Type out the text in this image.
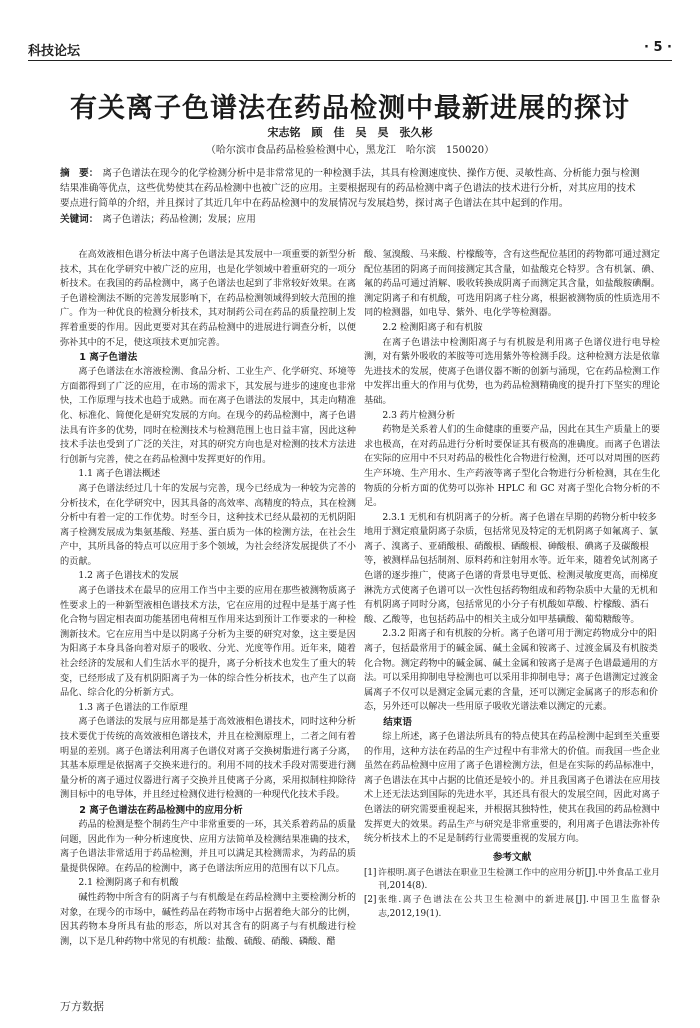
科技论坛	· 5 ·
有关离子色谱法在药品检测中最新进展的探讨
宋志铭　顾　佳　吴　昊　张久彬
（哈尔滨市食品药品检验检测中心，黑龙江　哈尔滨　150020）
摘　要： 离子色谱法在现今的化学检测分析中是非常常见的一种检测手法，其具有检测速度快、操作方便、灵敏性高、分析能力强与检测结果准确等优点，这些优势使其在药品检测中也被广泛的应用。主要根据现有的药品检测中离子色谱法的技术进行分析，对其应用的技术要点进行简单的介绍，并且探讨了其近几年中在药品检测中的发展情况与发展趋势，探讨离子色谱法在其中起到的作用。
关键词： 离子色谱法；药品检测；发展；应用

在高效液相色谱分析法中离子色谱法是其发展中一项重要的新型分析技术，其在化学研究中被广泛的应用，也是化学领域中着重研究的一项分析技术。在我国的药品检测中，离子色谱法也起到了非常较好效果。在离子色谱检测法不断的完善发展影响下，在药品检测领域得到较大范围的推广。作为一种优良的检测分析技术，其对制药公司在药品的质量控制上发挥着重要的作用。因此更要对其在药品检测中的进展进行调查分析，以便弥补其中的不足，使这项技术更加完善。

1 离子色谱法

离子色谱法在水溶液检测、食品分析、工业生产、化学研究、环境等方面都得到了广泛的应用，在市场的需求下，其发展与进步的速度也非常快，工作原理与技术也趋于成熟。而在离子色谱法的发展中，其走向精准化、标准化、简便化是研究发展的方向。在现今的药品检测中，离子色谱法具有许多的优势，同时在检测技术与检测范围上也日益丰富，因此这种技术手法也受到了广泛的关注，对其的研究方向也是对检测的技术方法进行创新与完善，使之在药品检测中发挥更好的作用。

1.1 离子色谱法概述

离子色谱法经过几十年的发展与完善，现今已经成为一种较为完善的分析技术，在化学研究中，因其具备的高效率、高精度的特点，其在检测分析中有着一定的工作优势。时至今日，这种技术已经从最初的无机阴阳离子检测发展成为集氨基酸、羟基、蛋白质为一体的检测方法，在社会生产中，其所具备的特点可以应用于多个领域，为社会经济发展提供了不小的贡献。

1.2 离子色谱技术的发展

离子色谱技术在最早的应用工作当中主要的应用在那些被测物质离子性要求上的一种新型液相色谱技术方法，它在应用的过程中是基于离子性化合物与固定相表面功能基团电荷相互作用来达到预计工作要求的一种检测新技术。它在应用当中是以阴离子分析为主要的研究对象，这主要是因为阳离子本身具备向着对原子的吸收、分光、光度等作用。近年来，随着社会经济的发展和人们生活水平的提升，离子分析技术也发生了重大的转变，已经形成了及有机阴阳离子为一体的综合性分析技术，也产生了以商品化、综合化的分析新方式。

1.3 离子色谱法的工作原理

离子色谱法的发展与应用都是基于高效液相色谱技术，同时这种分析技术要优于传统的高效液相色谱技术，并且在检测原理上，二者之间有着明显的差别。离子色谱法利用离子色谱仪对离子交换树脂进行离子分离，其基本原理是依据离子交换来进行的。利用不同的技术手段对需要进行测量分析的离子通过仪器进行离子交换并且使离子分离，采用拟制柱抑除待测目标中的电导体，并且经过检测仪进行检测的一种现代化技术手段。

2 离子色谱法在药品检测中的应用分析

药品的检测是整个制药生产中非常重要的一环，其关系着药品的质量问题，因此作为一种分析速度快、应用方法简单及检测结果准确的技术，离子色谱法非常适用于药品检测，并且可以满足其检测需求，为药品的质量提供保障。在药品的检测中，离子色谱法所应用的范围有以下几点。

2.1 检测阴离子和有机酸

碱性药物中所含有的阴离子与有机酸是在药品检测中主要检测分析的对象，在现今的市场中，碱性药品在药物市场中占据着绝大部分的比例，因其药物本身所具有盐的形态，所以对其含有的阴离子与有机酸进行检测，以下是几种药物中常见的有机酸：盐酸、硫酸、硝酸、磷酸、醋

酸、氢溴酸、马来酸、柠檬酸等，含有这些配位基团的药物都可通过测定配位基团的阴离子而间接测定其含量，如盐酸克仑特罗。含有机氯、碘、氟的药品可通过消解、吸收转换成阴离子而测定其含量，如盐酸胺碘酮。测定阴离子和有机酸，可选用阴离子柱分离，根据被测物质的性质选用不同的检测器，如电导、紫外、电化学等检测器。

2.2 检测阳离子和有机胺

在离子色谱法中检测阳离子与有机胺是利用离子色谱仪进行电导检测，对有紫外吸收的苯胺等可选用紫外等检测手段。这种检测方法是依靠先进技术的发展，使离子色谱仪器不断的创新与涌现，它在药品检测工作中发挥出重大的作用与优势，也为药品检测精确度的提升打下坚实的理论基础。

2.3 药片检测分析

药物是关系着人们的生命健康的重要产品，因此在其生产质量上的要求也极高，在对药品进行分析时要保证其有极高的准确度。而离子色谱法在实际的应用中不只对药品的极性化合物进行检测，还可以对周围的医药生产环境、生产用水、生产药液等离子型化合物进行分析检测，其在生化物质的分析方面的优势可以弥补 HPLC 和 GC 对离子型化合物分析的不足。

2.3.1 无机和有机阴离子的分析。离子色谱在早期的药物分析中较多地用于测定痕量阴离子杂质，包括常见及特定的无机阴离子如氟离子、氯离子、溴离子、亚硝酸根、硝酸根、硒酸根、砷酸根、碘离子及碳酸根等，被测样品包括制剂、原料药和注射用水等。近年来，随着免试剂离子色谱的逐步推广，使离子色谱的背景电导更低、检测灵敏度更高，而梯度淋洗方式使离子色谱可以一次性包括药物组成和药物杂质中大量的无机和有机阴离子同时分离，包括常见的小分子有机酸如草酸、柠檬酸、酒石酸、乙酸等，也包括药品中的相关主成分如甲基磺酸、葡萄糖酸等。
2.3.2 阳离子和有机胺的分析。离子色谱可用于测定药物成分中的阳离子，包括最常用于的碱金属、碱土金属和铵离子、过渡金属及有机胺类化合物。测定药物中的碱金属、碱土金属和铵离子是离子色谱最通用的方法。可以采用抑制电导检测也可以采用非抑制电导；离子色谱测定过渡金属离子不仅可以是测定金属元素的含量，还可以测定金属离子的形态和价态，另外还可以解决一些用原子吸收光谱法难以测定的元素。
结束语

综上所述，离子色谱法所具有的特点使其在药品检测中起到至关重要的作用，这种方法在药品的生产过程中有非常大的价值。而我国一些企业虽然在药品检测中应用了离子色谱检测方法，但是在实际的药品标准中，离子色谱法在其中占据的比值还是较小的。并且我国离子色谱法在应用技术上还无法达到国际的先进水平，其还具有很大的发展空间，因此对离子色谱法的研究需要重视起来，并根据其独特性，使其在我国的药品检测中发挥更大的效果。药品生产与研究是非常重要的，利用离子色谱法弥补传统分析技术上的不足是制药行业需要重视的发展方向。

参考文献

[1] 许根明.离子色谱法在职业卫生检测工作中的应用分析[J].中外食品工业月刊,2014(8).

[2] 张维.离子色谱法在公共卫生检测中的新进展[J].中国卫生监督杂志,2012,19(1).

万方数据
